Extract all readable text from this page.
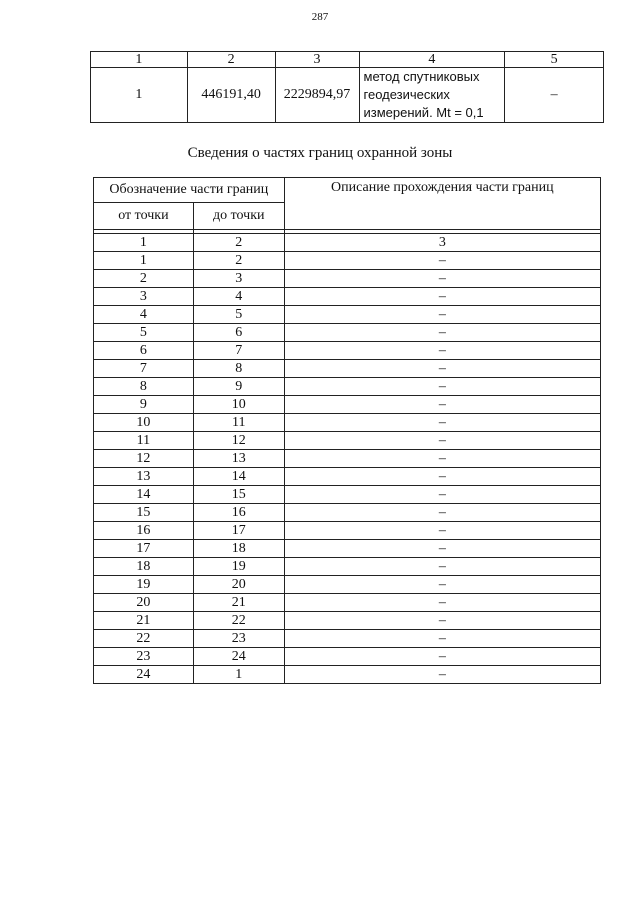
287
1	2	3	4	5
1	446191,40	2229894,97	метод спутниковых
геодезических
измерений. Mt = 0,1	–
Сведения о частях границ охранной зоны
Обозначение части границ		Описание прохождения части границ
от точки	до точки	

1	2	3
1	2	–
2	3	–
3	4	–
4	5	–
5	6	–
6	7	–
7	8	–
8	9	–
9	10	–
10	11	–
11	12	–
12	13	–
13	14	–
14	15	–
15	16	–
16	17	–
17	18	–
18	19	–
19	20	–
20	21	–
21	22	–
22	23	–
23	24	–
24	1	–
